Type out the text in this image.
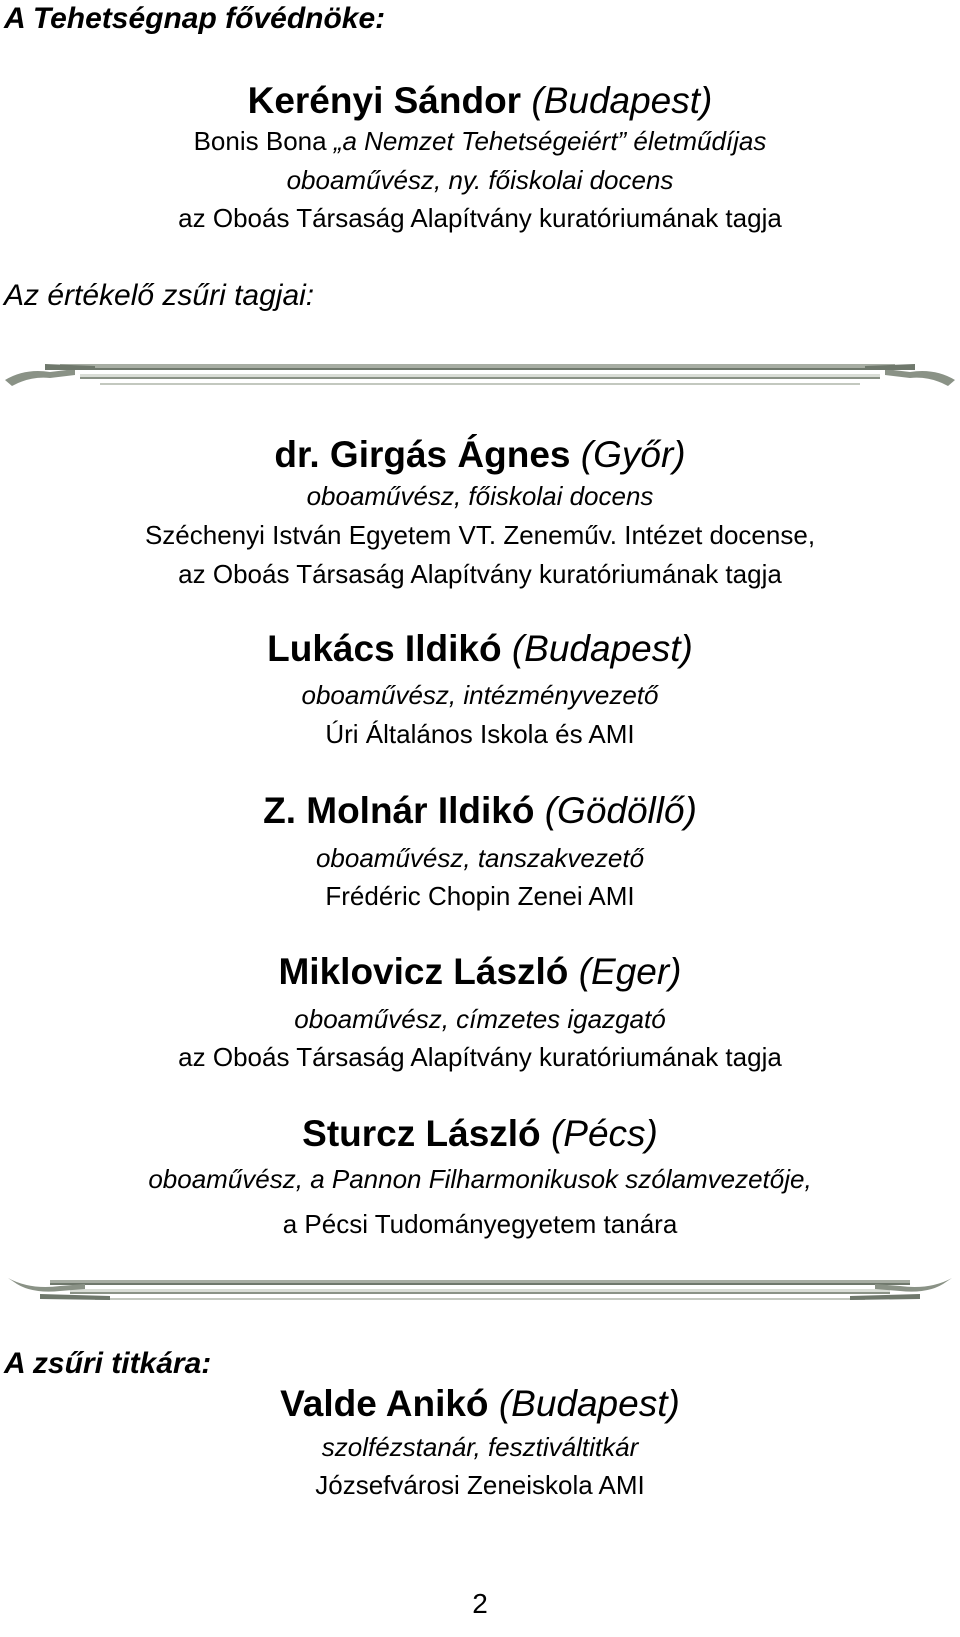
A Tehetségnap fővédnöke:
Kerényi Sándor (Budapest)
Bonis Bona „a Nemzet Tehetségeiért” életműdíjas
oboaművész, ny. főiskolai docens
az Oboás Társaság Alapítvány kuratóriumának tagja
Az értékelő zsűri tagjai:
dr. Girgás Ágnes (Győr)
oboaművész, főiskolai docens
Széchenyi István Egyetem VT. Zeneműv. Intézet docense,
az Oboás Társaság Alapítvány kuratóriumának tagja
Lukács Ildikó (Budapest)
oboaművész, intézményvezető
Úri Általános Iskola és AMI
Z. Molnár Ildikó (Gödöllő)
oboaművész, tanszakvezető
Frédéric Chopin Zenei AMI
Miklovicz László (Eger)
oboaművész, címzetes igazgató
az Oboás Társaság Alapítvány kuratóriumának tagja
Sturcz László (Pécs)
oboaművész, a Pannon Filharmonikusok szólamvezetője,
a Pécsi Tudományegyetem tanára
A zsűri titkára:
Valde Anikó (Budapest)
szolfézstanár, fesztiváltitkár
Józsefvárosi Zeneiskola AMI
2
